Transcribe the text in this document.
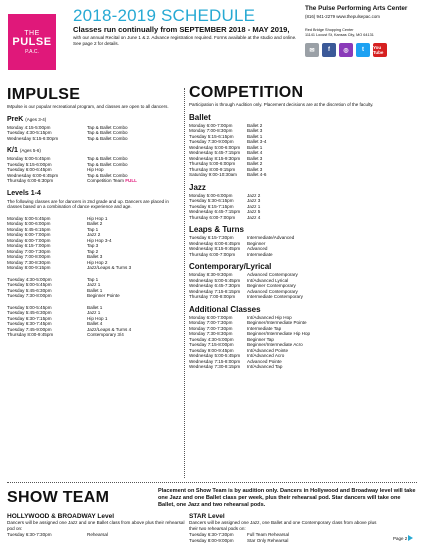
THE
PULSE
P.A.C.
2018-2019 SCHEDULE
Classes run continually from SEPTEMBER 2018 - MAY 2019,
with our annual Recital on June 1 & 2. Advance registration required. Forms available at the studio and online. See page 2 for details.
The Pulse Performing Arts Center
(816) 941-2279 www.thepulsepac.com
Red Bridge Shopping Center
11141 Locust St, Kansas City, MO 64131
✉	f	◎	t	You Tube
IMPULSE
IMpulse is our popular recreational program, and classes are open to all dancers.
PreK (Ages 3-4)
Monday 4:15-5:00pm	Tap & Ballet Combo
Tuesday 4:30-5:15pm	Tap & Ballet Combo
Wednesday 5:15-6:00pm	Tap & Ballet Combo
K/1 (Ages 5-6)
Monday 5:00-5:45pm	Tap & Ballet Combo
Tuesday 5:15-6:00pm	Tap & Ballet Combo
Tuesday 6:00-6:45pm	Hip Hop
Wednesday 6:00-6:45pm	Tap & Ballet Combo
Thursday 6:00-6:30pm	Competition Team FULL
Levels 1-4
The following classes are for dancers in 2nd grade and up. Dancers are placed in classes based on a combination of dance experience and age.
Monday 5:00-5:45pm	Hip Hop 1
Monday 5:00-6:00pm	Ballet 2
Monday 5:45-6:15pm	Tap 1
Monday 6:00-7:00pm	Jazz 2
Monday 6:00-7:00pm	Hip Hop 3-4
Monday 6:15-7:00pm	Tap 3
Monday 7:00-7:30pm	Tap 2
Monday 7:00-8:00pm	Ballet 3
Monday 7:30-8:30pm	Hip Hop 2
Monday 8:00-9:15pm	Jazz/Leaps & Turns 3
Tuesday 4:30-5:00pm	Tap 1
Tuesday 5:00-5:45pm	Jazz 1
Tuesday 5:45-6:30pm	Ballet 1
Tuesday 7:30-8:00pm	Beginner Pointe
Tuesday 5:00-5:45pm	Ballet 1
Tuesday 5:45-6:30pm	Jazz 1
Tuesday 6:30-7:15pm	Hip Hop 1
Tuesday 6:30-7:45pm	Ballet 4
Tuesday 7:45-9:00pm	Jazz/Leaps & Turns 4
Thursday 8:00-9:45pm	Contemporary 3/4
COMPETITION
Participation is through Audition only. Placement decisions are at the discretion of the faculty.
Ballet
Monday 6:00-7:00pm	Ballet 2
Monday 7:00-8:30pm	Ballet 3
Tuesday 5:15-6:15pm	Ballet 1
Tuesday 7:30-9:00pm	Ballet 3-4
Wednesday 5:00-6:00pm	Ballet 1
Wednesday 5:45-7:15pm	Ballet 4
Wednesday 8:15-9:30pm	Ballet 3
Thursday 5:00-6:00pm	Ballet 2
Thursday 8:00-9:15pm	Ballet 3
Saturday 9:00-10:30am	Ballet 4-6
Jazz
Monday 5:00-6:00pm	Jazz 2
Tuesday 5:30-6:15pm	Jazz 3
Tuesday 6:15-7:15pm	Jazz 1
Wednesday 6:45-7:15pm	Jazz 5
Thursday 6:00-7:00pm	Jazz 4
Leaps & Turns
Tuesday 6:15-7:30pm	Intermediate/Advanced
Wednesday 6:00-6:45pm	Beginner
Wednesday 8:15-9:45pm	Advanced
Thursday 6:00-7:00pm	Intermediate
Contemporary/Lyrical
Monday 8:30-9:30pm	Advanced Contemporary
Wednesday 5:00-5:45pm	Int/Advanced Lyrical
Wednesday 6:45-7:30pm	Beginner Contemporary
Wednesday 7:15-8:15pm	Advanced Contemporary
Thursday 7:00-8:00pm	Intermediate Contemporary
Additional Classes
Monday 6:00-7:00pm	Int/Advanced Hip Hop
Monday 7:00-7:30pm	Beginner/Intermediate Pointe
Monday 7:00-7:30pm	Intermediate Tap
Monday 7:30-8:30pm	Beginner/Intermediate Hip Hop
Tuesday 4:30-5:00pm	Beginner Tap
Tuesday 7:15-8:00pm	Beginner/Intermediate Acro
Tuesday 9:00-9:45pm	Int/Advanced Pointe
Wednesday 5:00-5:45pm	Int/Advanced Acro
Wednesday 7:15-8:00pm	Advanced Pointe
Wednesday 7:30-8:15pm	Int/Advanced Tap
SHOW TEAM	Placement on Show Team is by audition only. Dancers in Hollywood and Broadway level will take one Jazz and one Ballet class per week, plus their rehearsal pod. Star dancers will take one Ballet, one Jazz and two rehearsal pods.
HOLLYWOOD & BROADWAY Level
Dancers will be assigned one Jazz and one Ballet class from above plus their rehearsal pod on:
Tuesday 6:30-7:30pm	Rehearsal
STAR Level
Dancers will be assigned one Jazz, one Ballet and one Contemporary class from above plus their two rehearsal pods on:
Tuesday 6:30-7:30pm	Full Team Rehearsal
Tuesday 8:00-9:00pm	Star Only Rehearsal	Page 2
